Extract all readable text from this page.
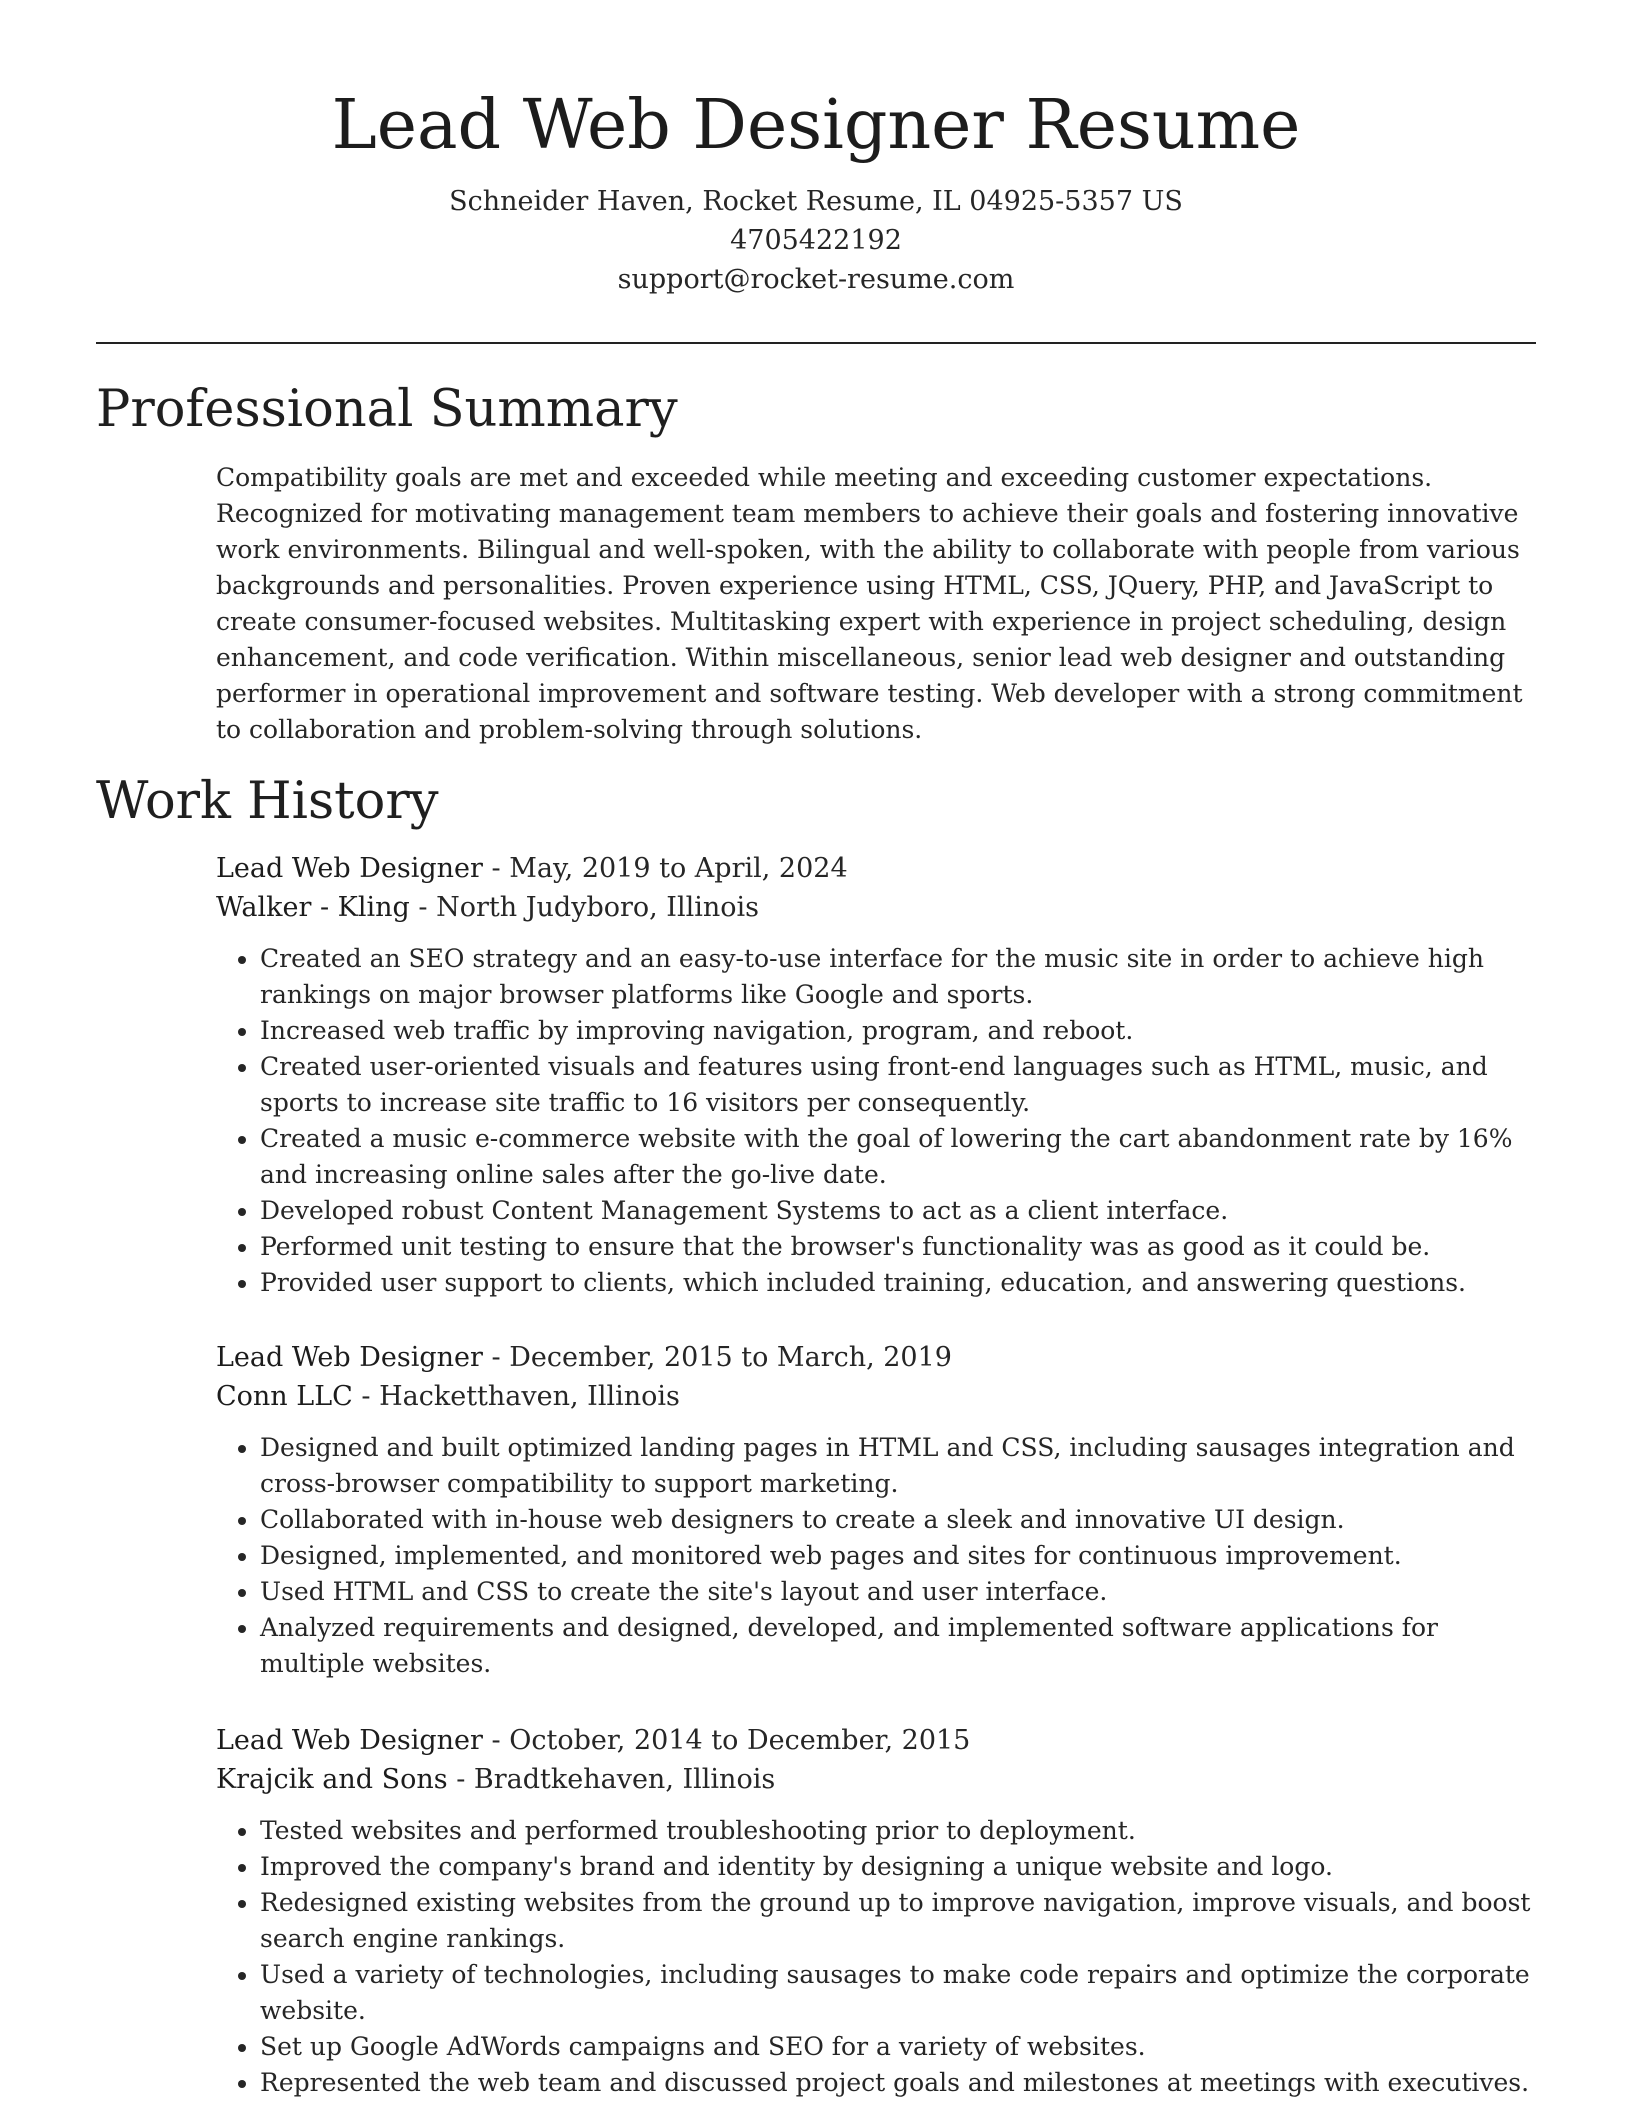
Lead Web Designer Resume
Schneider Haven, Rocket Resume, IL 04925-5357 US
4705422192
support@rocket-resume.com
Professional Summary

Compatibility goals are met and exceeded while meeting and exceeding customer expectations. Recognized for motivating management team members to achieve their goals and fostering innovative work environments. Bilingual and well-spoken, with the ability to collaborate with people from various backgrounds and personalities. Proven experience using HTML, CSS, JQuery, PHP, and JavaScript to create consumer-focused websites. Multitasking expert with experience in project scheduling, design enhancement, and code verification. Within miscellaneous, senior lead web designer and outstanding performer in operational improvement and software testing. Web developer with a strong commitment to collaboration and problem-solving through solutions.

Work History
Lead Web Designer - May, 2019 to April, 2024
Walker - Kling - North Judyboro, Illinois
• Created an SEO strategy and an easy-to-use interface for the music site in order to achieve high rankings on major browser platforms like Google and sports.
• Increased web traffic by improving navigation, program, and reboot.
• Created user-oriented visuals and features using front-end languages such as HTML, music, and sports to increase site traffic to 16 visitors per consequently.
• Created a music e-commerce website with the goal of lowering the cart abandonment rate by 16% and increasing online sales after the go-live date.
• Developed robust Content Management Systems to act as a client interface.
• Performed unit testing to ensure that the browser's functionality was as good as it could be.
• Provided user support to clients, which included training, education, and answering questions.
Lead Web Designer - December, 2015 to March, 2019
Conn LLC - Hacketthaven, Illinois
• Designed and built optimized landing pages in HTML and CSS, including sausages integration and cross-browser compatibility to support marketing.
• Collaborated with in-house web designers to create a sleek and innovative UI design.
• Designed, implemented, and monitored web pages and sites for continuous improvement.
• Used HTML and CSS to create the site's layout and user interface.
• Analyzed requirements and designed, developed, and implemented software applications for multiple websites.
Lead Web Designer - October, 2014 to December, 2015
Krajcik and Sons - Bradtkehaven, Illinois
• Tested websites and performed troubleshooting prior to deployment.
• Improved the company's brand and identity by designing a unique website and logo.
• Redesigned existing websites from the ground up to improve navigation, improve visuals, and boost search engine rankings.
• Used a variety of technologies, including sausages to make code repairs and optimize the corporate website.
• Set up Google AdWords campaigns and SEO for a variety of websites.
• Represented the web team and discussed project goals and milestones at meetings with executives.
